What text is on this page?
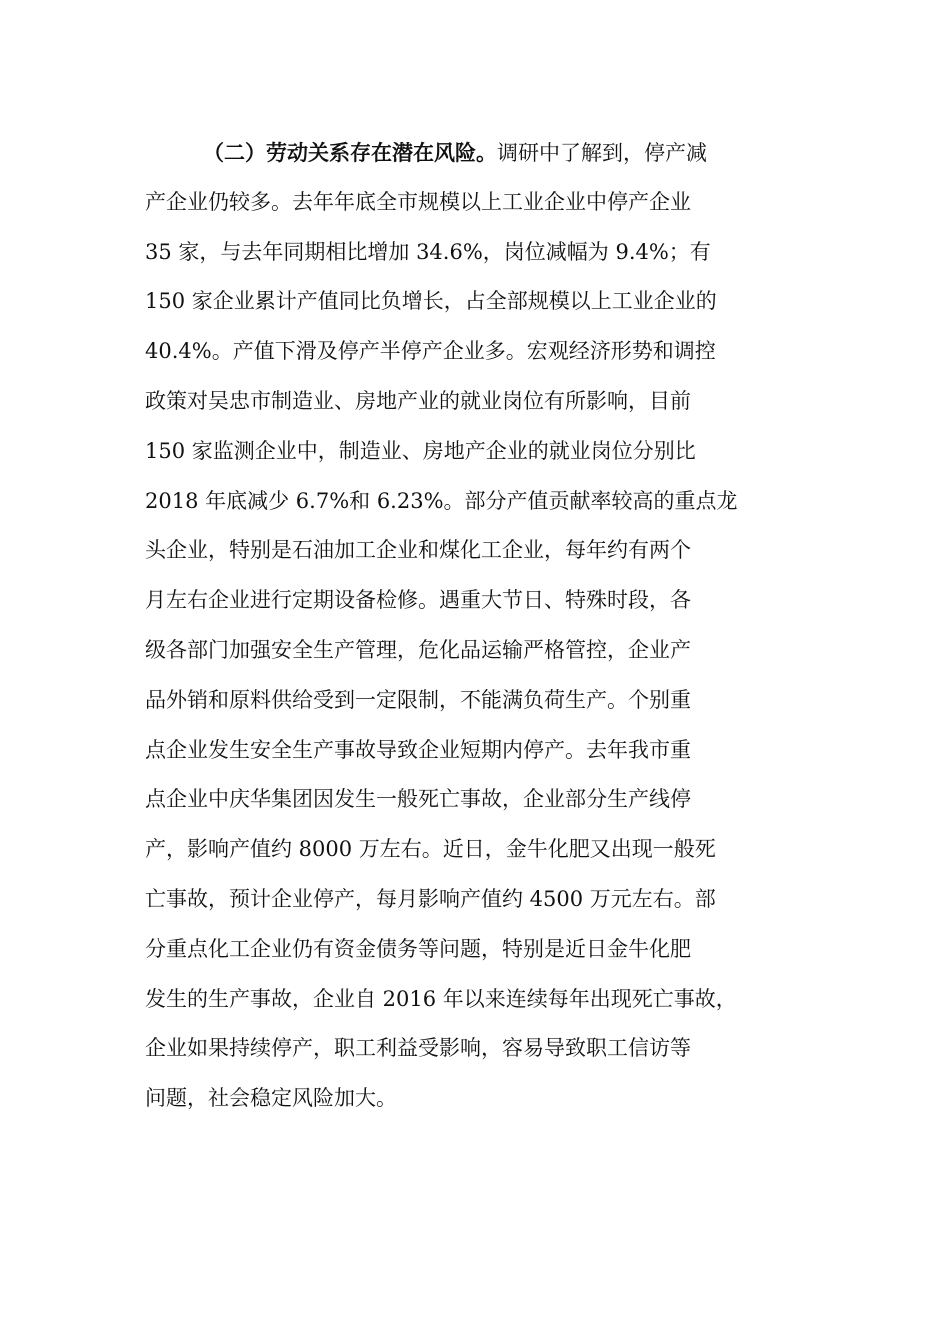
（二）劳动关系存在潜在风险。调研中了解到，停产减
产企业仍较多。去年年底全市规模以上工业企业中停产企业
35 家，与去年同期相比增加 34.6%，岗位减幅为 9.4%；有
150 家企业累计产值同比负增长，占全部规模以上工业企业的
40.4%。产值下滑及停产半停产企业多。宏观经济形势和调控
政策对吴忠市制造业、房地产业的就业岗位有所影响，目前
150 家监测企业中，制造业、房地产企业的就业岗位分别比
2018 年底减少 6.7%和 6.23%。部分产值贡献率较高的重点龙
头企业，特别是石油加工企业和煤化工企业，每年约有两个
月左右企业进行定期设备检修。遇重大节日、特殊时段，各
级各部门加强安全生产管理，危化品运输严格管控，企业产
品外销和原料供给受到一定限制，不能满负荷生产。个别重
点企业发生安全生产事故导致企业短期内停产。去年我市重
点企业中庆华集团因发生一般死亡事故，企业部分生产线停
产，影响产值约 8000 万左右。近日，金牛化肥又出现一般死
亡事故，预计企业停产，每月影响产值约 4500 万元左右。部
分重点化工企业仍有资金债务等问题，特别是近日金牛化肥
发生的生产事故，企业自 2016 年以来连续每年出现死亡事故，
企业如果持续停产，职工利益受影响，容易导致职工信访等
问题，社会稳定风险加大。
